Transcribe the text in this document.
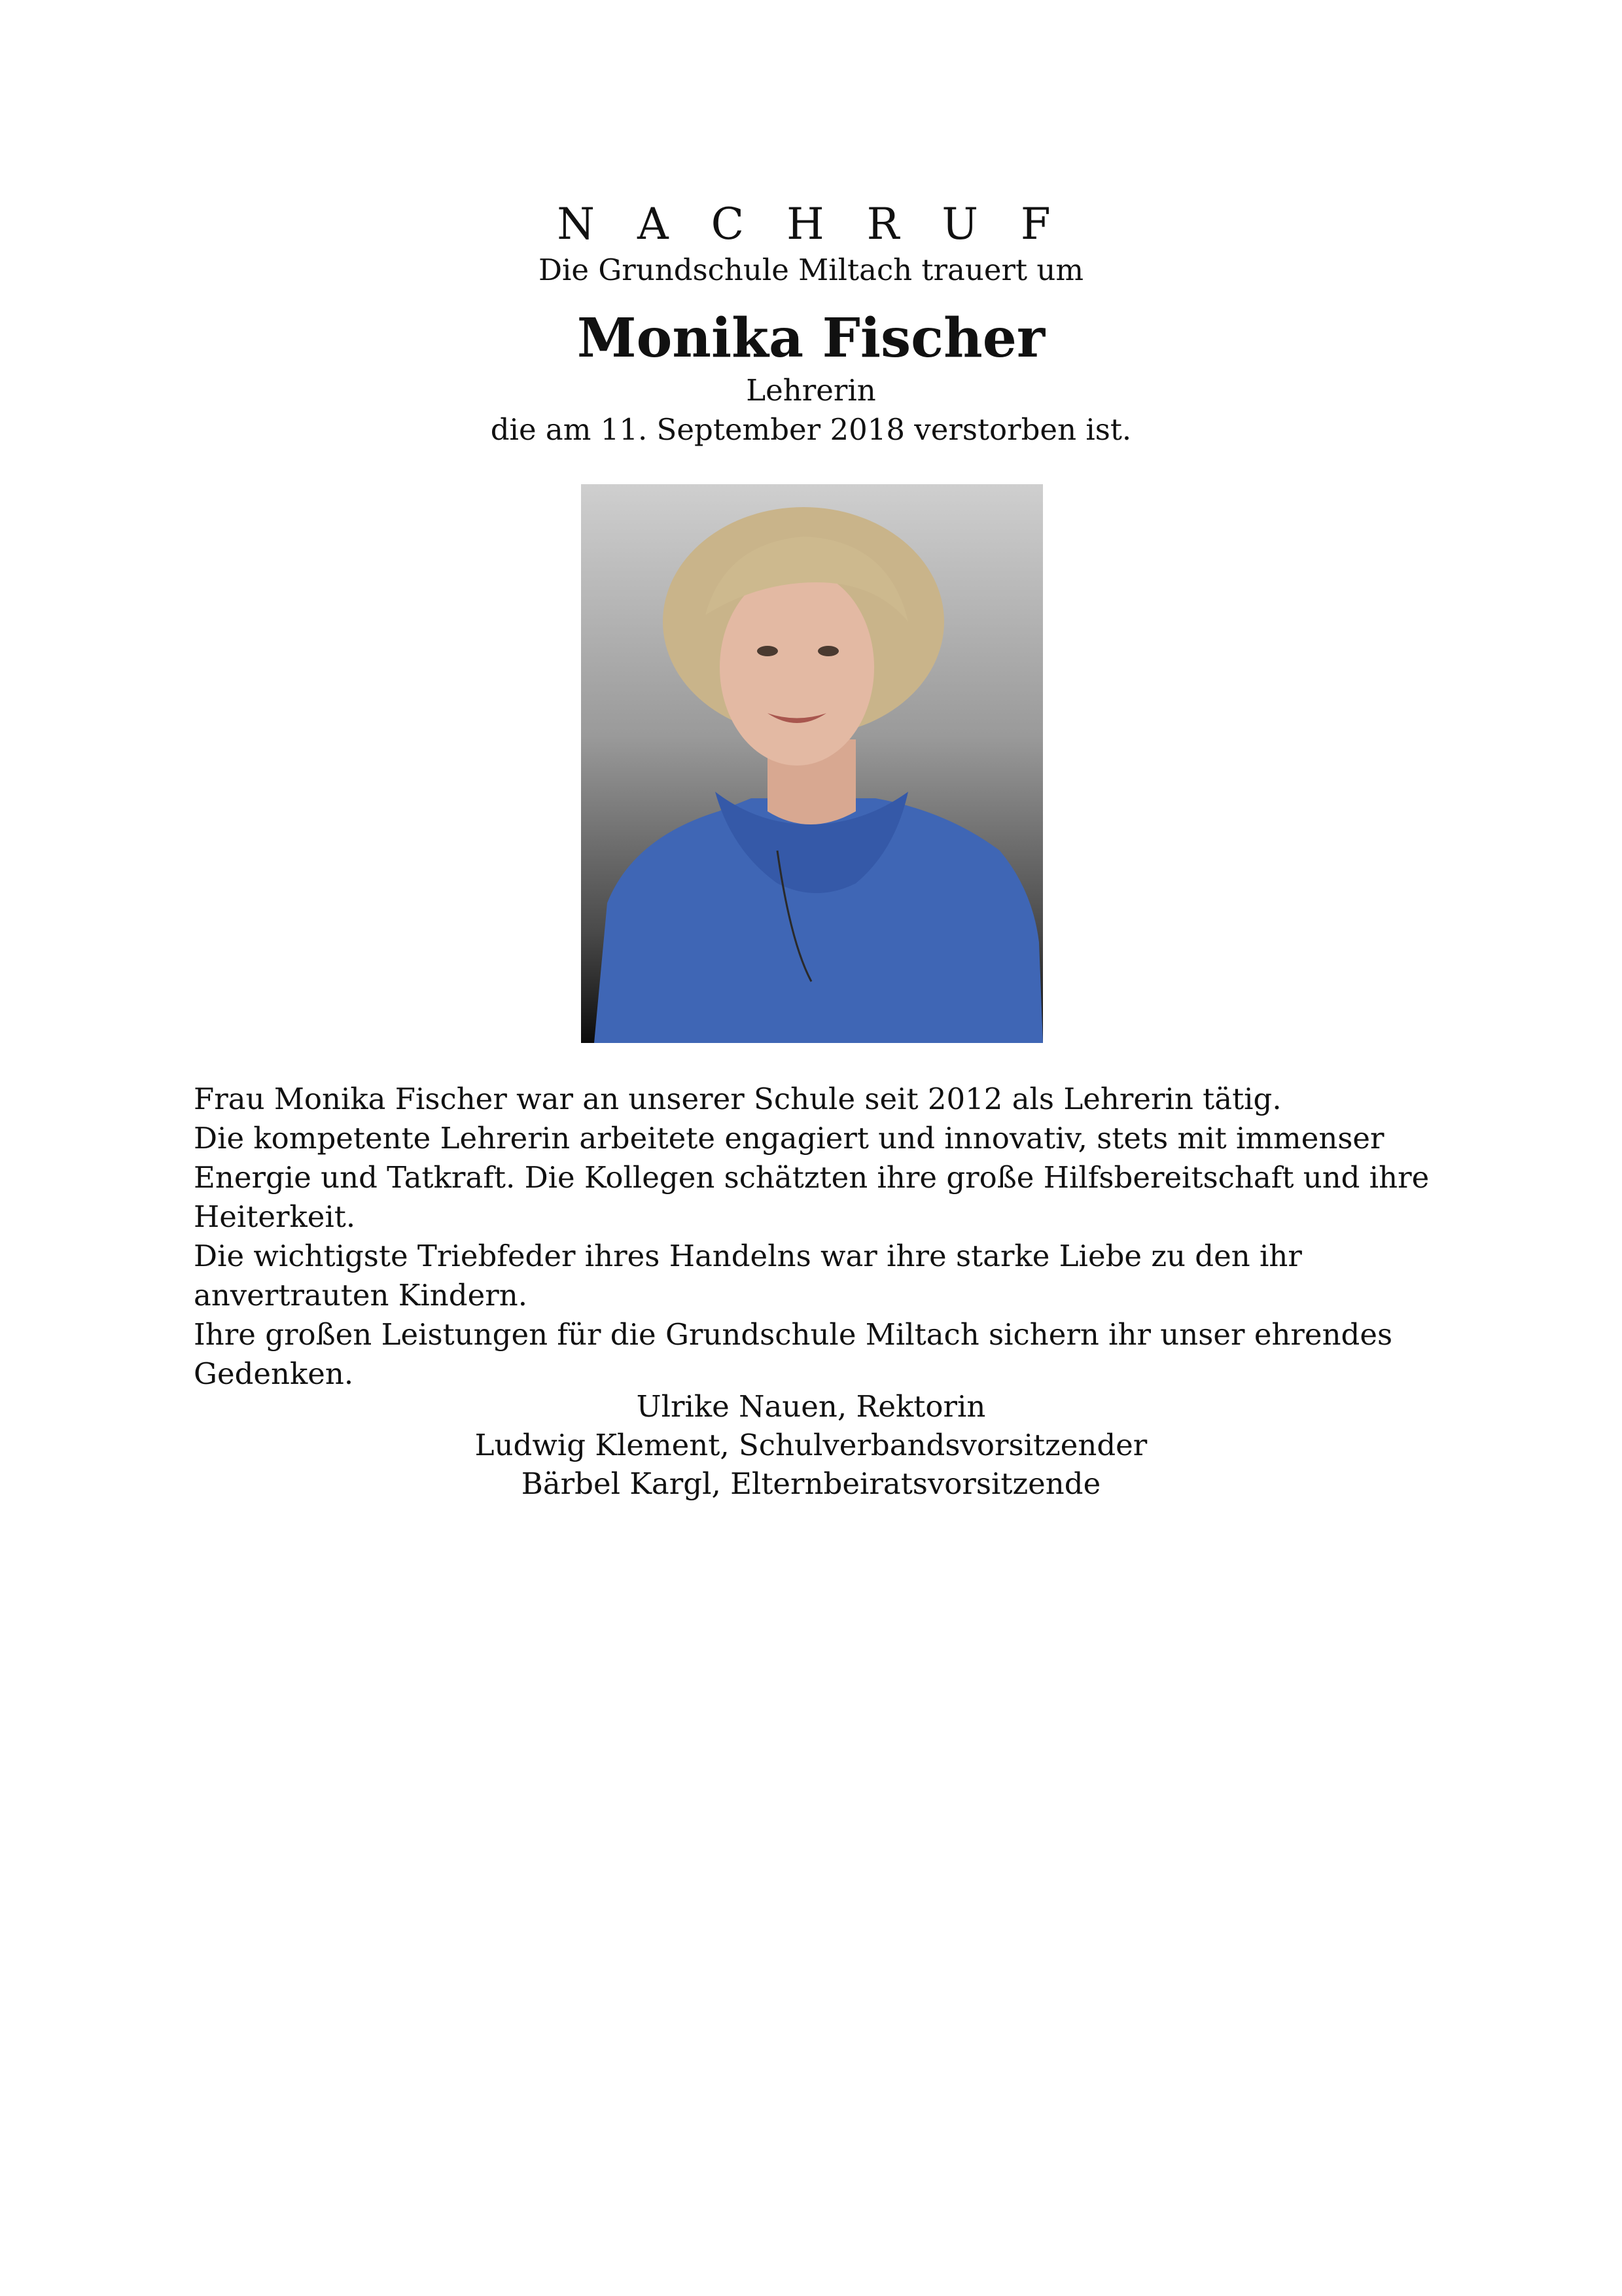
N A C H R U F
Die Grundschule Miltach trauert um
Monika Fischer
Lehrerin
die am 11. September 2018 verstorben ist.

Frau Monika Fischer war an unserer Schule seit 2012 als Lehrerin tätig.

Die kompetente Lehrerin arbeitete engagiert und innovativ, stets mit immenser Energie und Tatkraft. Die Kollegen schätzten ihre große Hilfsbereitschaft und ihre Heiterkeit.

Die wichtigste Triebfeder ihres Handelns war ihre starke Liebe zu den ihr anvertrauten Kindern.

Ihre großen Leistungen für die Grundschule Miltach sichern ihr unser ehrendes Gedenken.

Ulrike Nauen, Rektorin
Ludwig Klement, Schulverbandsvorsitzender
Bärbel Kargl, Elternbeiratsvorsitzende
